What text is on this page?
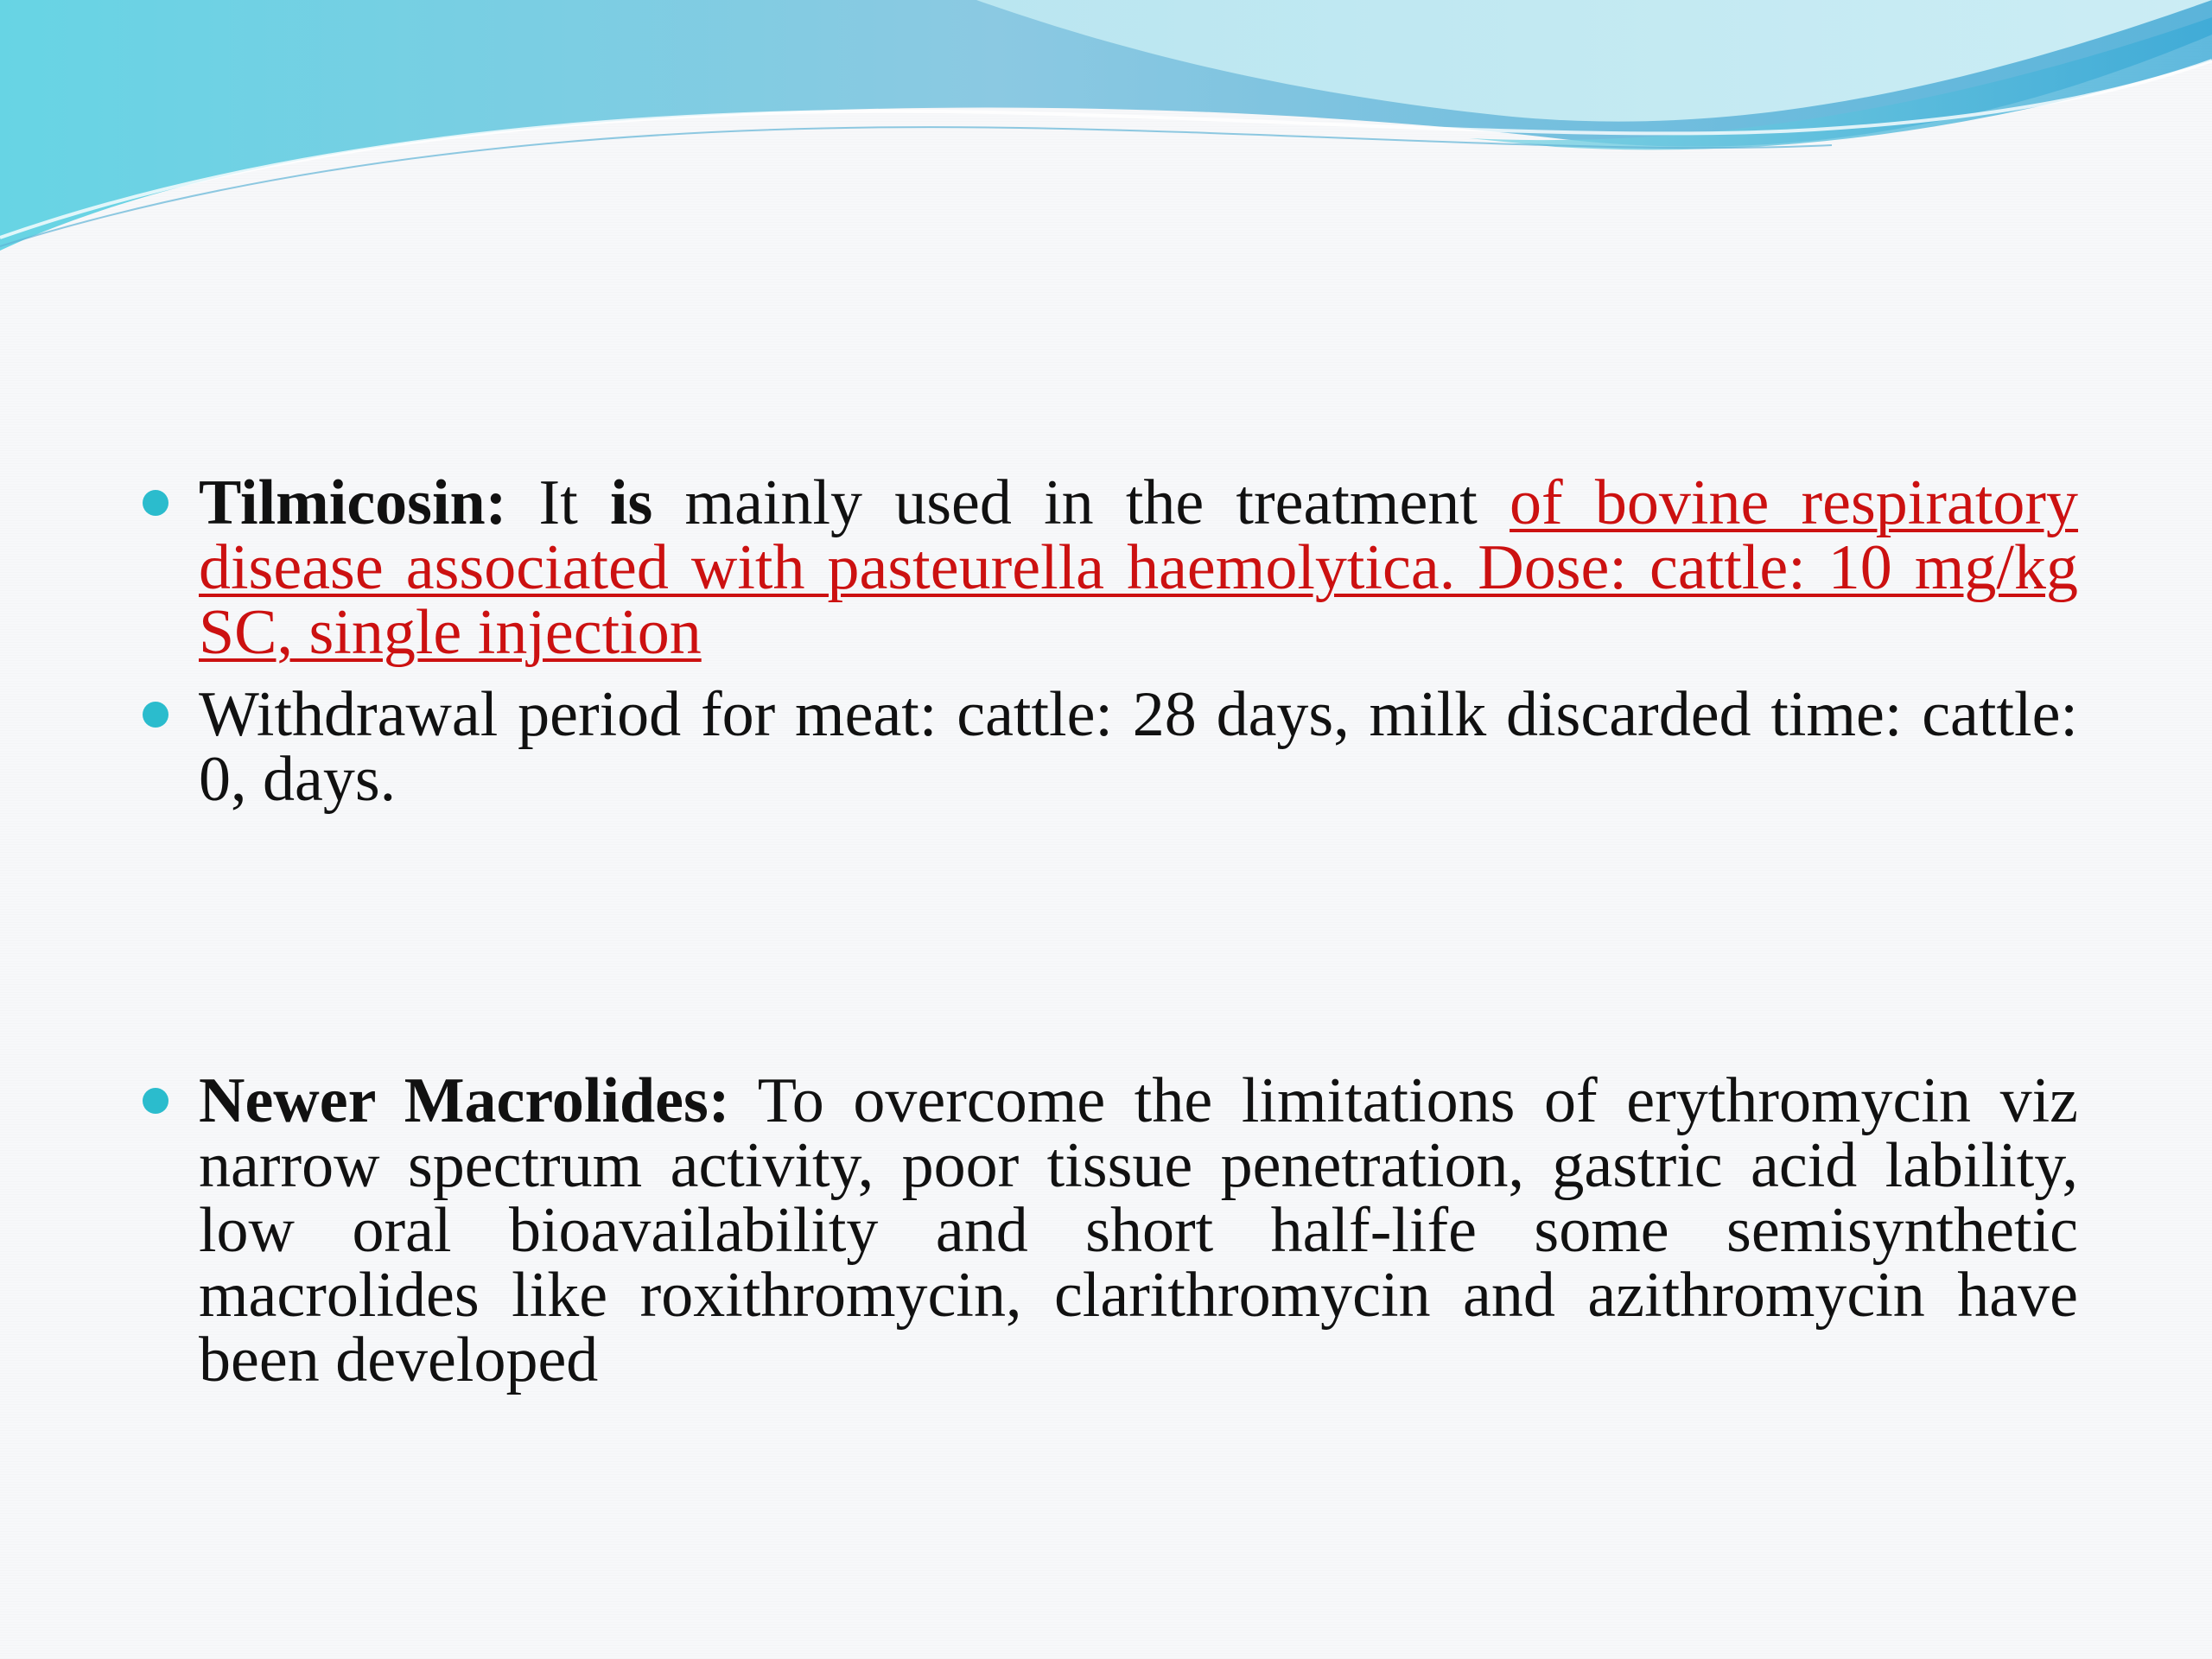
Tilmicosin: It is mainly used in the treatment of bovine respiratory disease associated with pasteurella haemolytica. Dose: cattle: 10 mg/kg SC, single injection

Withdrawal period for meat: cattle: 28 days, milk discarded time: cattle: 0, days.

Newer Macrolides: To overcome the limitations of erythromycin viz narrow spectrum activity, poor tissue penetration, gastric acid lability, low oral bioavailability and short half-life some semisynthetic macrolides like roxithromycin, clarithromycin and azithromycin have been developed
